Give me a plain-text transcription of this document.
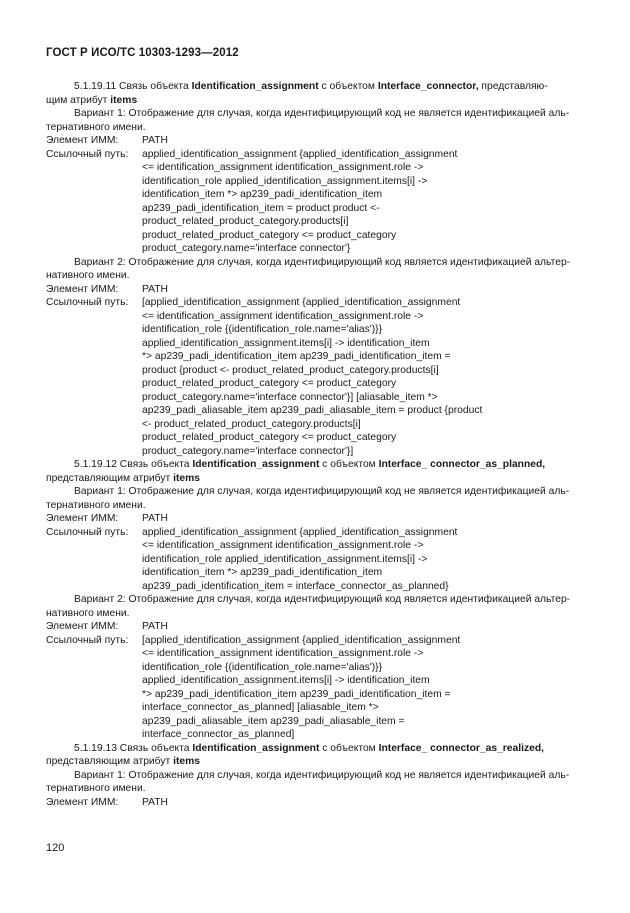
ГОСТ Р ИСО/ТС 10303-1293—2012

5.1.19.11 Связь объекта Identification_assignment с объектом Interface_connector, представляю-

щим атрибут items

Вариант 1: Отображение для случая, когда идентифицирующий код не является идентификацией аль-

тернативного имени.

Элемент ИММ:	PATH
Ссылочный путь:	applied_identification_assignment {applied_identification_assignment
<= identification_assignment identification_assignment.role ->
identification_role applied_identification_assignment.items[i] ->
identification_item *> ap239_padi_identification_item
ap239_padi_identification_item = product product <-
product_related_product_category.products[i]
product_related_product_category <= product_category
product_category.name='interface connector'}

Вариант 2: Отображение для случая, когда идентифицирующий код является идентификацией альтер-

нативного имени.

Элемент ИММ:	PATH
Ссылочный путь:	[applied_identification_assignment {applied_identification_assignment
<= identification_assignment identification_assignment.role ->
identification_role {(identification_role.name='alias')}}
applied_identification_assignment.items[i] -> identification_item
*> ap239_padi_identification_item ap239_padi_identification_item =
product {product <- product_related_product_category.products[i]
product_related_product_category <= product_category
product_category.name='interface connector'}] [aliasable_item *>
ap239_padi_aliasable_item ap239_padi_aliasable_item = product {product
<- product_related_product_category.products[i]
product_related_product_category <= product_category
product_category.name='interface connector'}]

5.1.19.12 Связь объекта Identification_assignment с объектом Interface_ connector_as_planned,

представляющим атрибут items

Вариант 1: Отображение для случая, когда идентифицирующий код не является идентификацией аль-

тернативного имени.

Элемент ИММ:	PATH
Ссылочный путь:	applied_identification_assignment {applied_identification_assignment
<= identification_assignment identification_assignment.role ->
identification_role applied_identification_assignment.items[i] ->
identification_item *> ap239_padi_identification_item
ap239_padi_identification_item = interface_connector_as_planned}

Вариант 2: Отображение для случая, когда идентифицирующий код является идентификацией альтер-

нативного имени.

Элемент ИММ:	PATH
Ссылочный путь:	[applied_identification_assignment {applied_identification_assignment
<= identification_assignment identification_assignment.role ->
identification_role {(identification_role.name='alias')}}
applied_identification_assignment.items[i] -> identification_item
*> ap239_padi_identification_item ap239_padi_identification_item =
interface_connector_as_planned] [aliasable_item *>
ap239_padi_aliasable_item ap239_padi_aliasable_item =
interface_connector_as_planned]

5.1.19.13 Связь объекта Identification_assignment с объектом Interface_ connector_as_realized,

представляющим атрибут items

Вариант 1: Отображение для случая, когда идентифицирующий код не является идентификацией аль-

тернативного имени.

Элемент ИММ:	PATH
120
